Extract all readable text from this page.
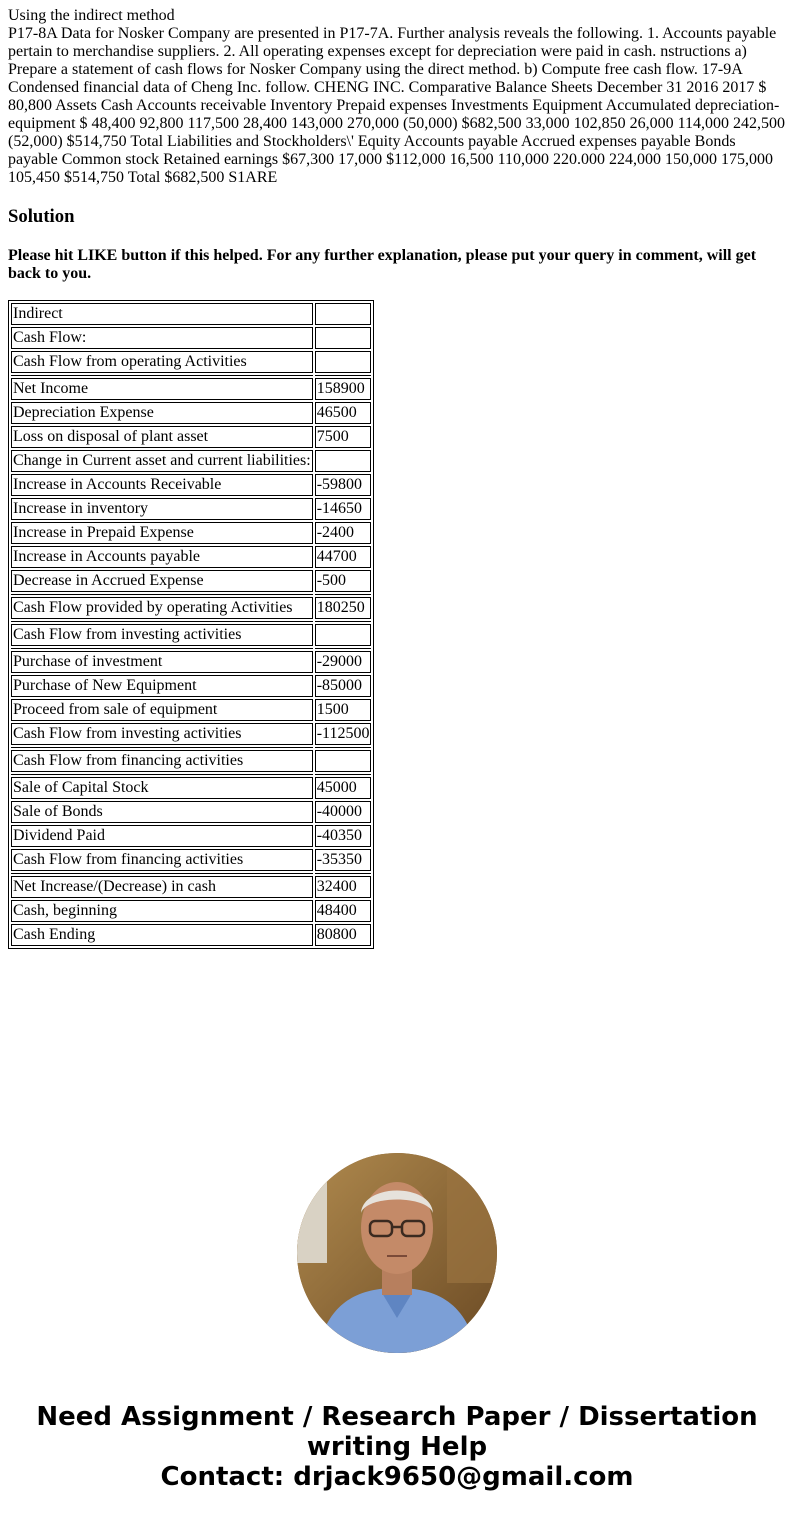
Using the indirect method
P17-8A Data for Nosker Company are presented in P17-7A. Further analysis reveals the following. 1. Accounts payable pertain to merchandise suppliers. 2. All operating expenses except for depreciation were paid in cash. nstructions a) Prepare a statement of cash flows for Nosker Company using the direct method. b) Compute free cash flow. 17-9A Condensed financial data of Cheng Inc. follow. CHENG INC. Comparative Balance Sheets December 31 2016 2017 $ 80,800 Assets Cash Accounts receivable Inventory Prepaid expenses Investments Equipment Accumulated depreciation-equipment $ 48,400 92,800 117,500 28,400 143,000 270,000 (50,000) $682,500 33,000 102,850 26,000 114,000 242,500 (52,000) $514,750 Total Liabilities and Stockholders\' Equity Accounts payable Accrued expenses payable Bonds payable Common stock Retained earnings $67,300 17,000 $112,000 16,500 110,000 220.000 224,000 150,000 175,000 105,450 $514,750 Total $682,500 S1ARE
Solution
Please hit LIKE button if this helped. For any further explanation, please put your query in comment, will get back to you.
Indirect	
Cash Flow:	
Cash Flow from operating Activities	

Net Income	158900
Depreciation Expense	46500
Loss on disposal of plant asset	7500
Change in Current asset and current liabilities:	
Increase in Accounts Receivable	-59800
Increase in inventory	-14650
Increase in Prepaid Expense	-2400
Increase in Accounts payable	44700
Decrease in Accrued Expense	-500

Cash Flow provided by operating Activities	180250

Cash Flow from investing activities	

Purchase of investment	-29000
Purchase of New Equipment	-85000
Proceed from sale of equipment	1500
Cash Flow from investing activities	-112500

Cash Flow from financing activities	

Sale of Capital Stock	45000
Sale of Bonds	-40000
Dividend Paid	-40350
Cash Flow from financing activities	-35350

Net Increase/(Decrease) in cash	32400
Cash, beginning	48400
Cash Ending	80800
Need Assignment / Research Paper / Dissertation
writing Help
Contact: drjack9650@gmail.com
